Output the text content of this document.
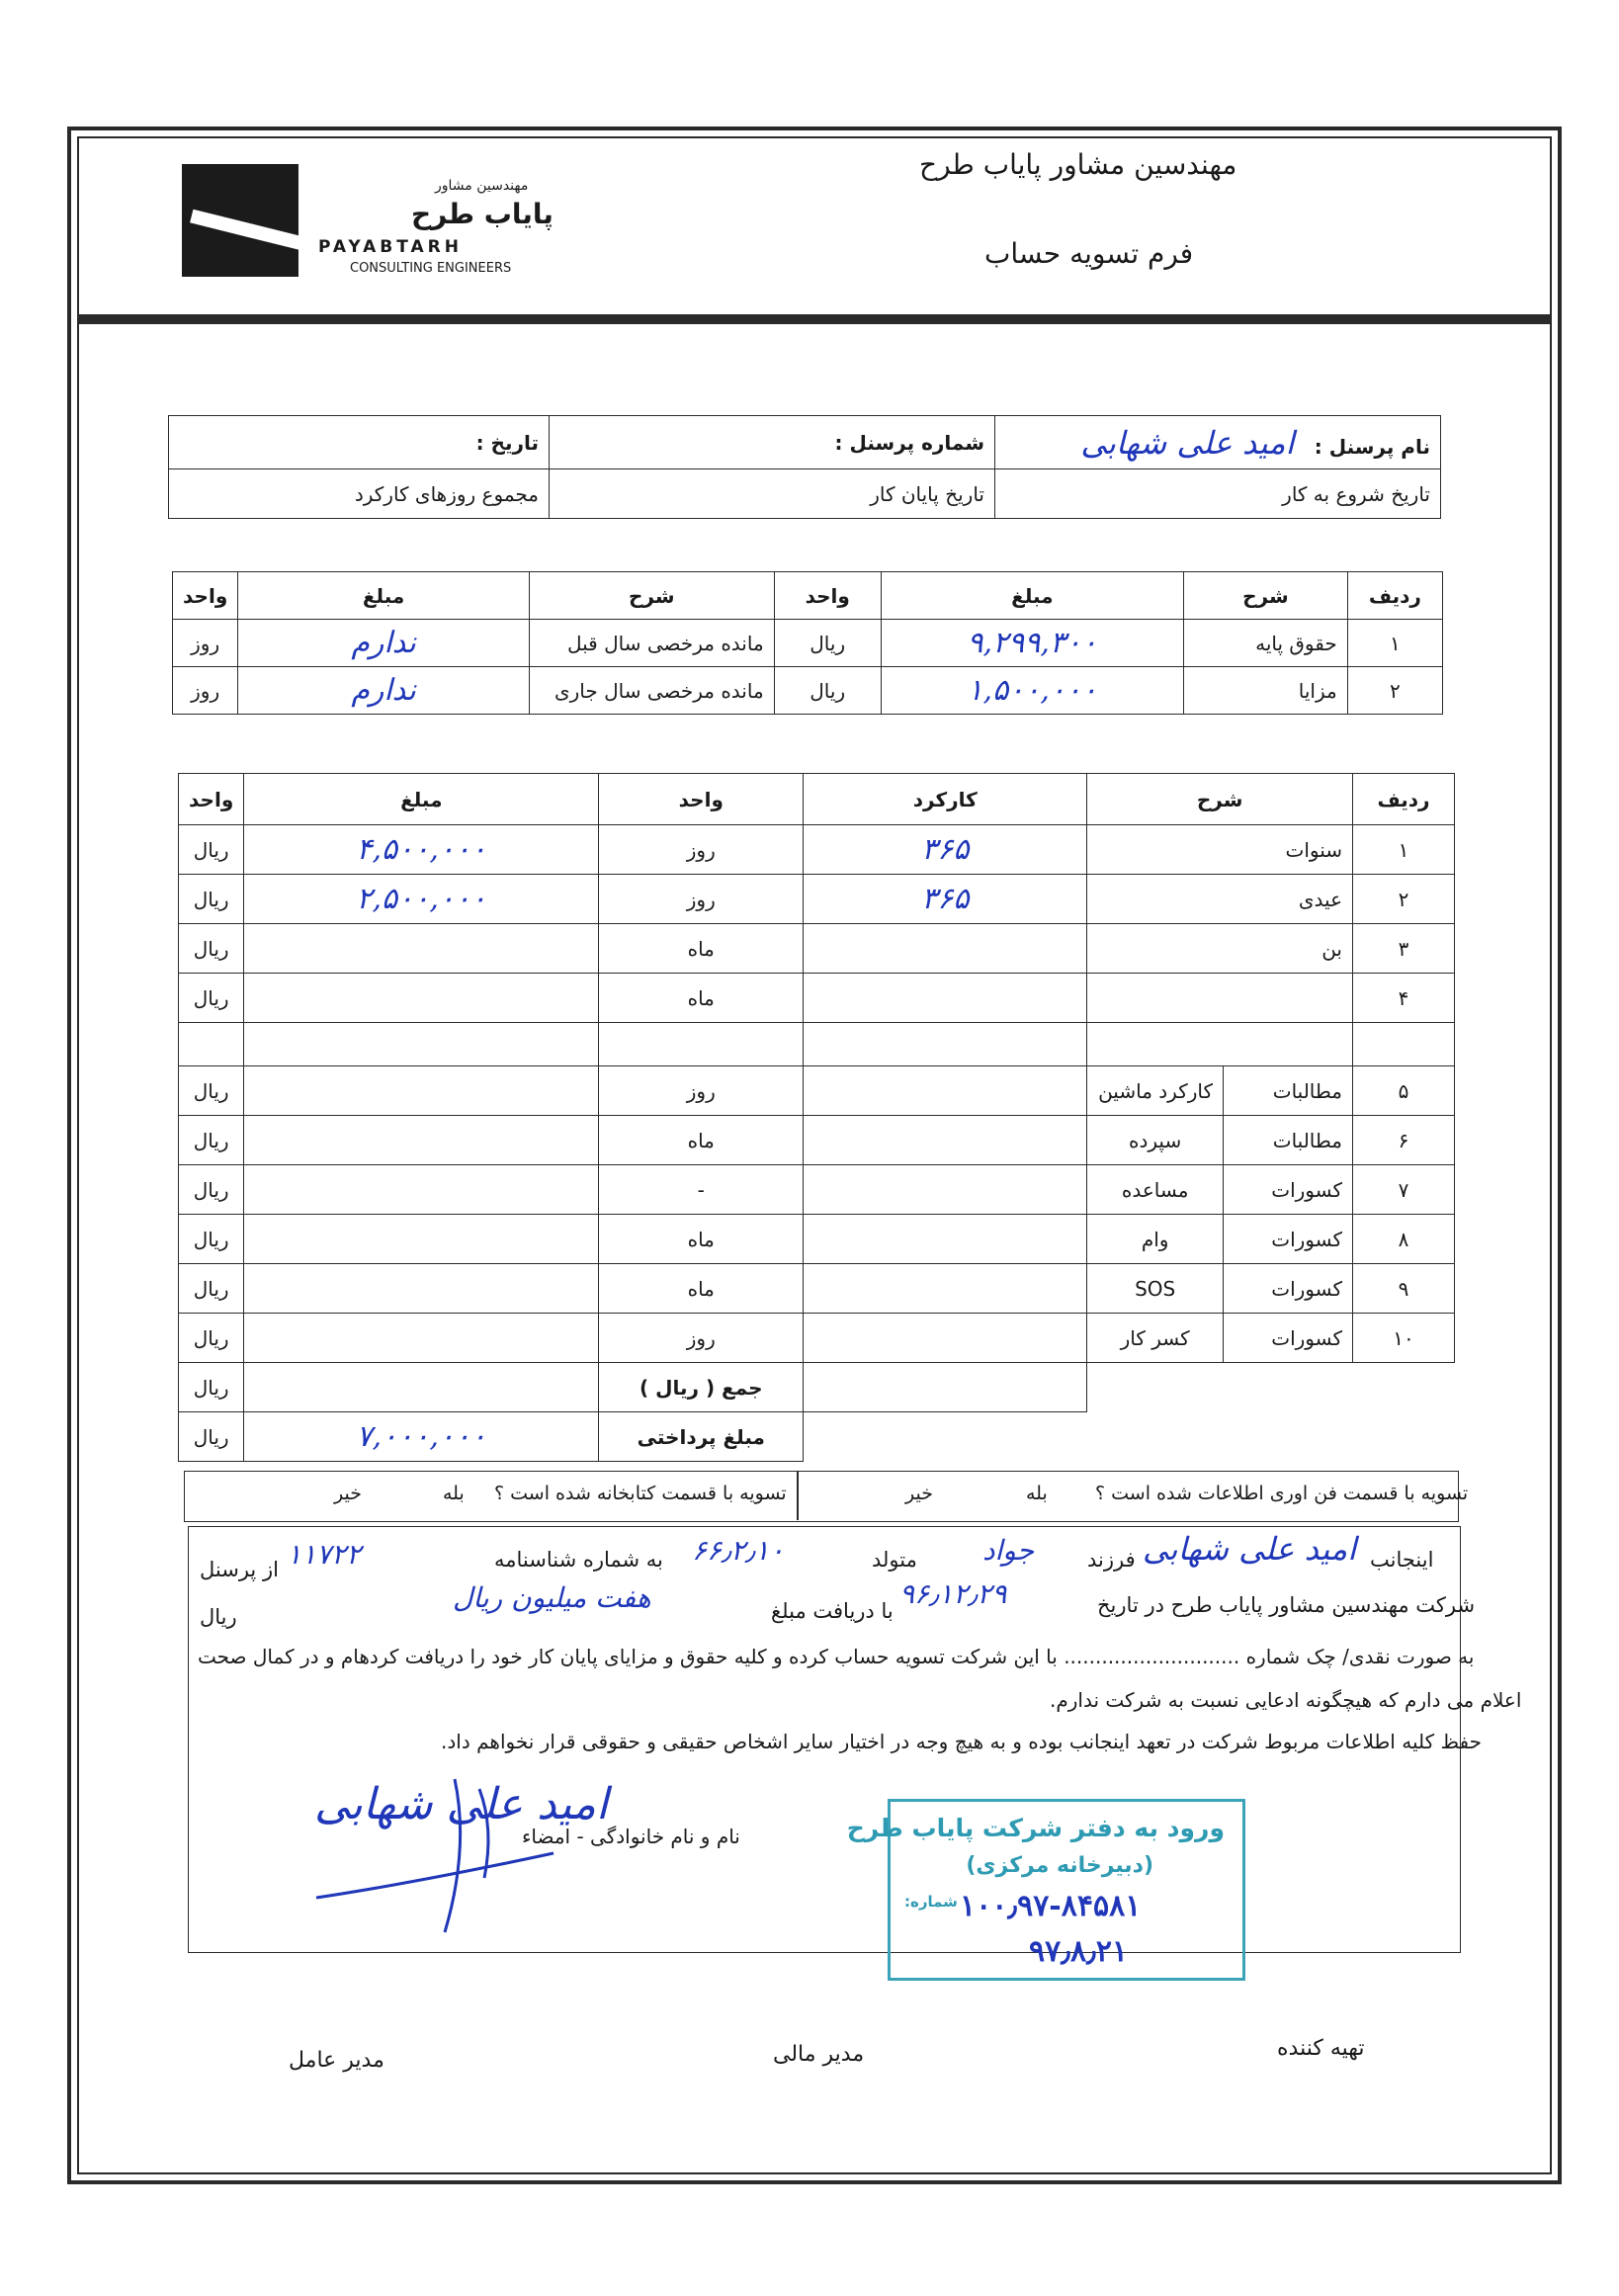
مهندسین مشاور
پایاب طرح
PAYABTARH
CONSULTING ENGINEERS
مهندسین مشاور پایاب طرح
فرم تسویه حساب
نام پرسنل : امید علی شهابی	شماره پرسنل :	تاریخ :
تاریخ شروع به کار	تاریخ پایان کار	مجموع روزهای کارکرد
ردیف	شرح	مبلغ	واحد	شرح	مبلغ	واحد
۱	حقوق پایه	۹,۲۹۹,۳۰۰	ریال	مانده مرخصی سال قبل	ندارم	روز
۲	مزایا	۱,۵۰۰,۰۰۰	ریال	مانده مرخصی سال جاری	ندارم	روز
ردیف	شرح		کارکرد	واحد	مبلغ	واحد
۱	سنوات		۳۶۵	روز	۴,۵۰۰,۰۰۰	ریال
۲	عیدی		۳۶۵	روز	۲,۵۰۰,۰۰۰	ریال
۳	بن			ماه		ریال
۴				ماه		ریال

۵	مطالبات	کارکرد ماشین		روز		ریال
۶	مطالبات	سپرده		ماه		ریال
۷	کسورات	مساعده		-		ریال
۸	کسورات	وام		ماه		ریال
۹	کسورات	SOS		ماه		ریال
۱۰	کسورات	کسر کار		روز		ریال
				جمع ( ریال )		ریال
				مبلغ پرداختی	۷,۰۰۰,۰۰۰	ریال
تسویه با قسمت فن اوری اطلاعات شده است ؟
بله
خیر
تسویه با قسمت کتابخانه شده است ؟
بله
خیر
اینجانب
امید علی شهابی
فرزند
جواد
متولد
۶۶٫۲٫۱۰
به شماره شناسنامه
۱۱۷۲۲
از پرسنل
شرکت مهندسین مشاور پایاب طرح در تاریخ
۹۶٫۱۲٫۲۹
با دریافت مبلغ
هفت میلیون ریال
ریال
به صورت نقدی/ چک شماره ............................ با این شرکت تسویه حساب کرده و کلیه حقوق و مزایای پایان کار خود را دریافت کردهام و در کمال صحت
اعلام می دارم که هیچگونه ادعایی نسبت به شرکت ندارم.
حفظ کلیه اطلاعات مربوط شرکت در تعهد اینجانب بوده و به هیچ وجه در اختیار سایر اشخاص حقیقی و حقوقی قرار نخواهم داد.
نام و نام خانوادگی - امضاء
امید علی شهابی	ورود به دفتر شرکت پایاب طرح
(دبیرخانه مرکزی)
شماره: ۱۰۰٫۹۷-۸۴۵۸۱
۹۷٫۸٫۲۱
تهیه کننده
مدیر مالی
مدیر عامل
